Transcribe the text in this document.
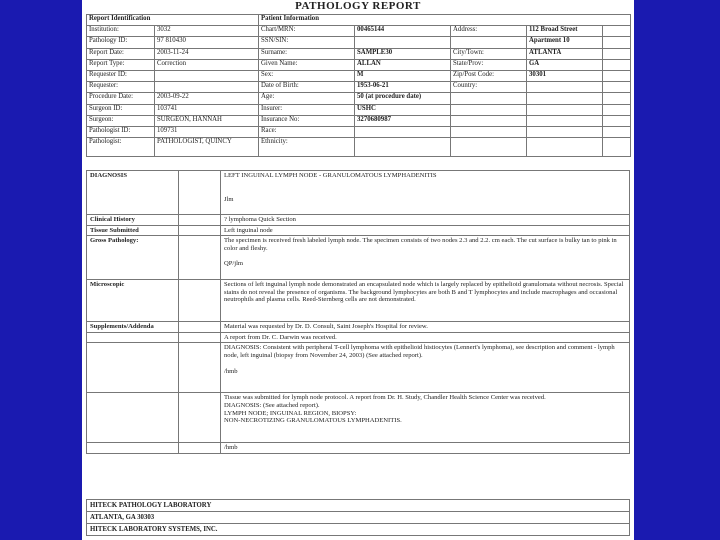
PATHOLOGY REPORT
Report Identification		Patient Information				
Institution:	3032	Chart/MRN:	00465144	Address:	112 Broad Street	
Pathology ID:	97 810430	SSN/SIN:			Apartment 10	
Report Date:	2003-11-24	Surname:	SAMPLE30	City/Town:	ATLANTA	
Report Type:	Correction	Given Name:	ALLAN	State/Prov:	GA	
Requester ID:		Sex:	M	Zip/Post Code:	30301	
Requester:		Date of Birth:	1953-06-21	Country:		
Procedure Date:	2003-09-22	Age:	50 (at procedure date)			
Surgeon ID:	103741	Insurer:	USHC			
Surgeon:	SURGEON, HANNAH	Insurance No:	3270680987			
Pathologist ID:	109731	Race:				
Pathologist:	PATHOLOGIST, QUINCY	Ethnicity:				
DIAGNOSIS		LEFT INGUINAL LYMPH NODE - GRANULOMATOUS LYMPHADENITIS

Jlm

Clinical History		? lymphoma Quick Section
Tissue Submitted		Left inguinal node
Gross Pathology:		The specimen is received fresh labeled lymph node. The specimen consists of two nodes 2.3 and 2.2. cm each. The cut surface is bulky tan to pink in color and fleshy.

QP/jlm

Microscopic		Sections of left inguinal lymph node demonstrated an encapsulated node which is largely replaced by epithelioid granulomata without necrosis. Special stains do not reveal the presence of organisms. The background lymphocytes are both B and T lymphocytes and include macrophages and occasional neutrophils and plasma cells. Reed-Sternberg cells are not demonstrated.
Supplements/Addenda		Material was requested by Dr. D. Consult, Saint Joseph's Hospital for review.
		A report from Dr. C. Darwin was received.

		DIAGNOSIS: Consistent with peripheral T-cell lymphoma with epithelioid histiocytes (Lennert's lymphoma), see description and comment - lymph node, left inguinal (biopsy from November 24, 2003) (See attached report).

/hmb

		Tissue was submitted for lymph node protocol. A report from Dr. H. Study, Chandler Health Science Center was received.

DIAGNOSIS: (See attached report).

LYMPH NODE; INGUINAL REGION, BIOPSY:

NON-NECROTIZING GRANULOMATOUS LYMPHADENITIS.

		/hmb
HITECK PATHOLOGY LABORATORY
ATLANTA, GA 30303
HITECK LABORATORY SYSTEMS, INC.
